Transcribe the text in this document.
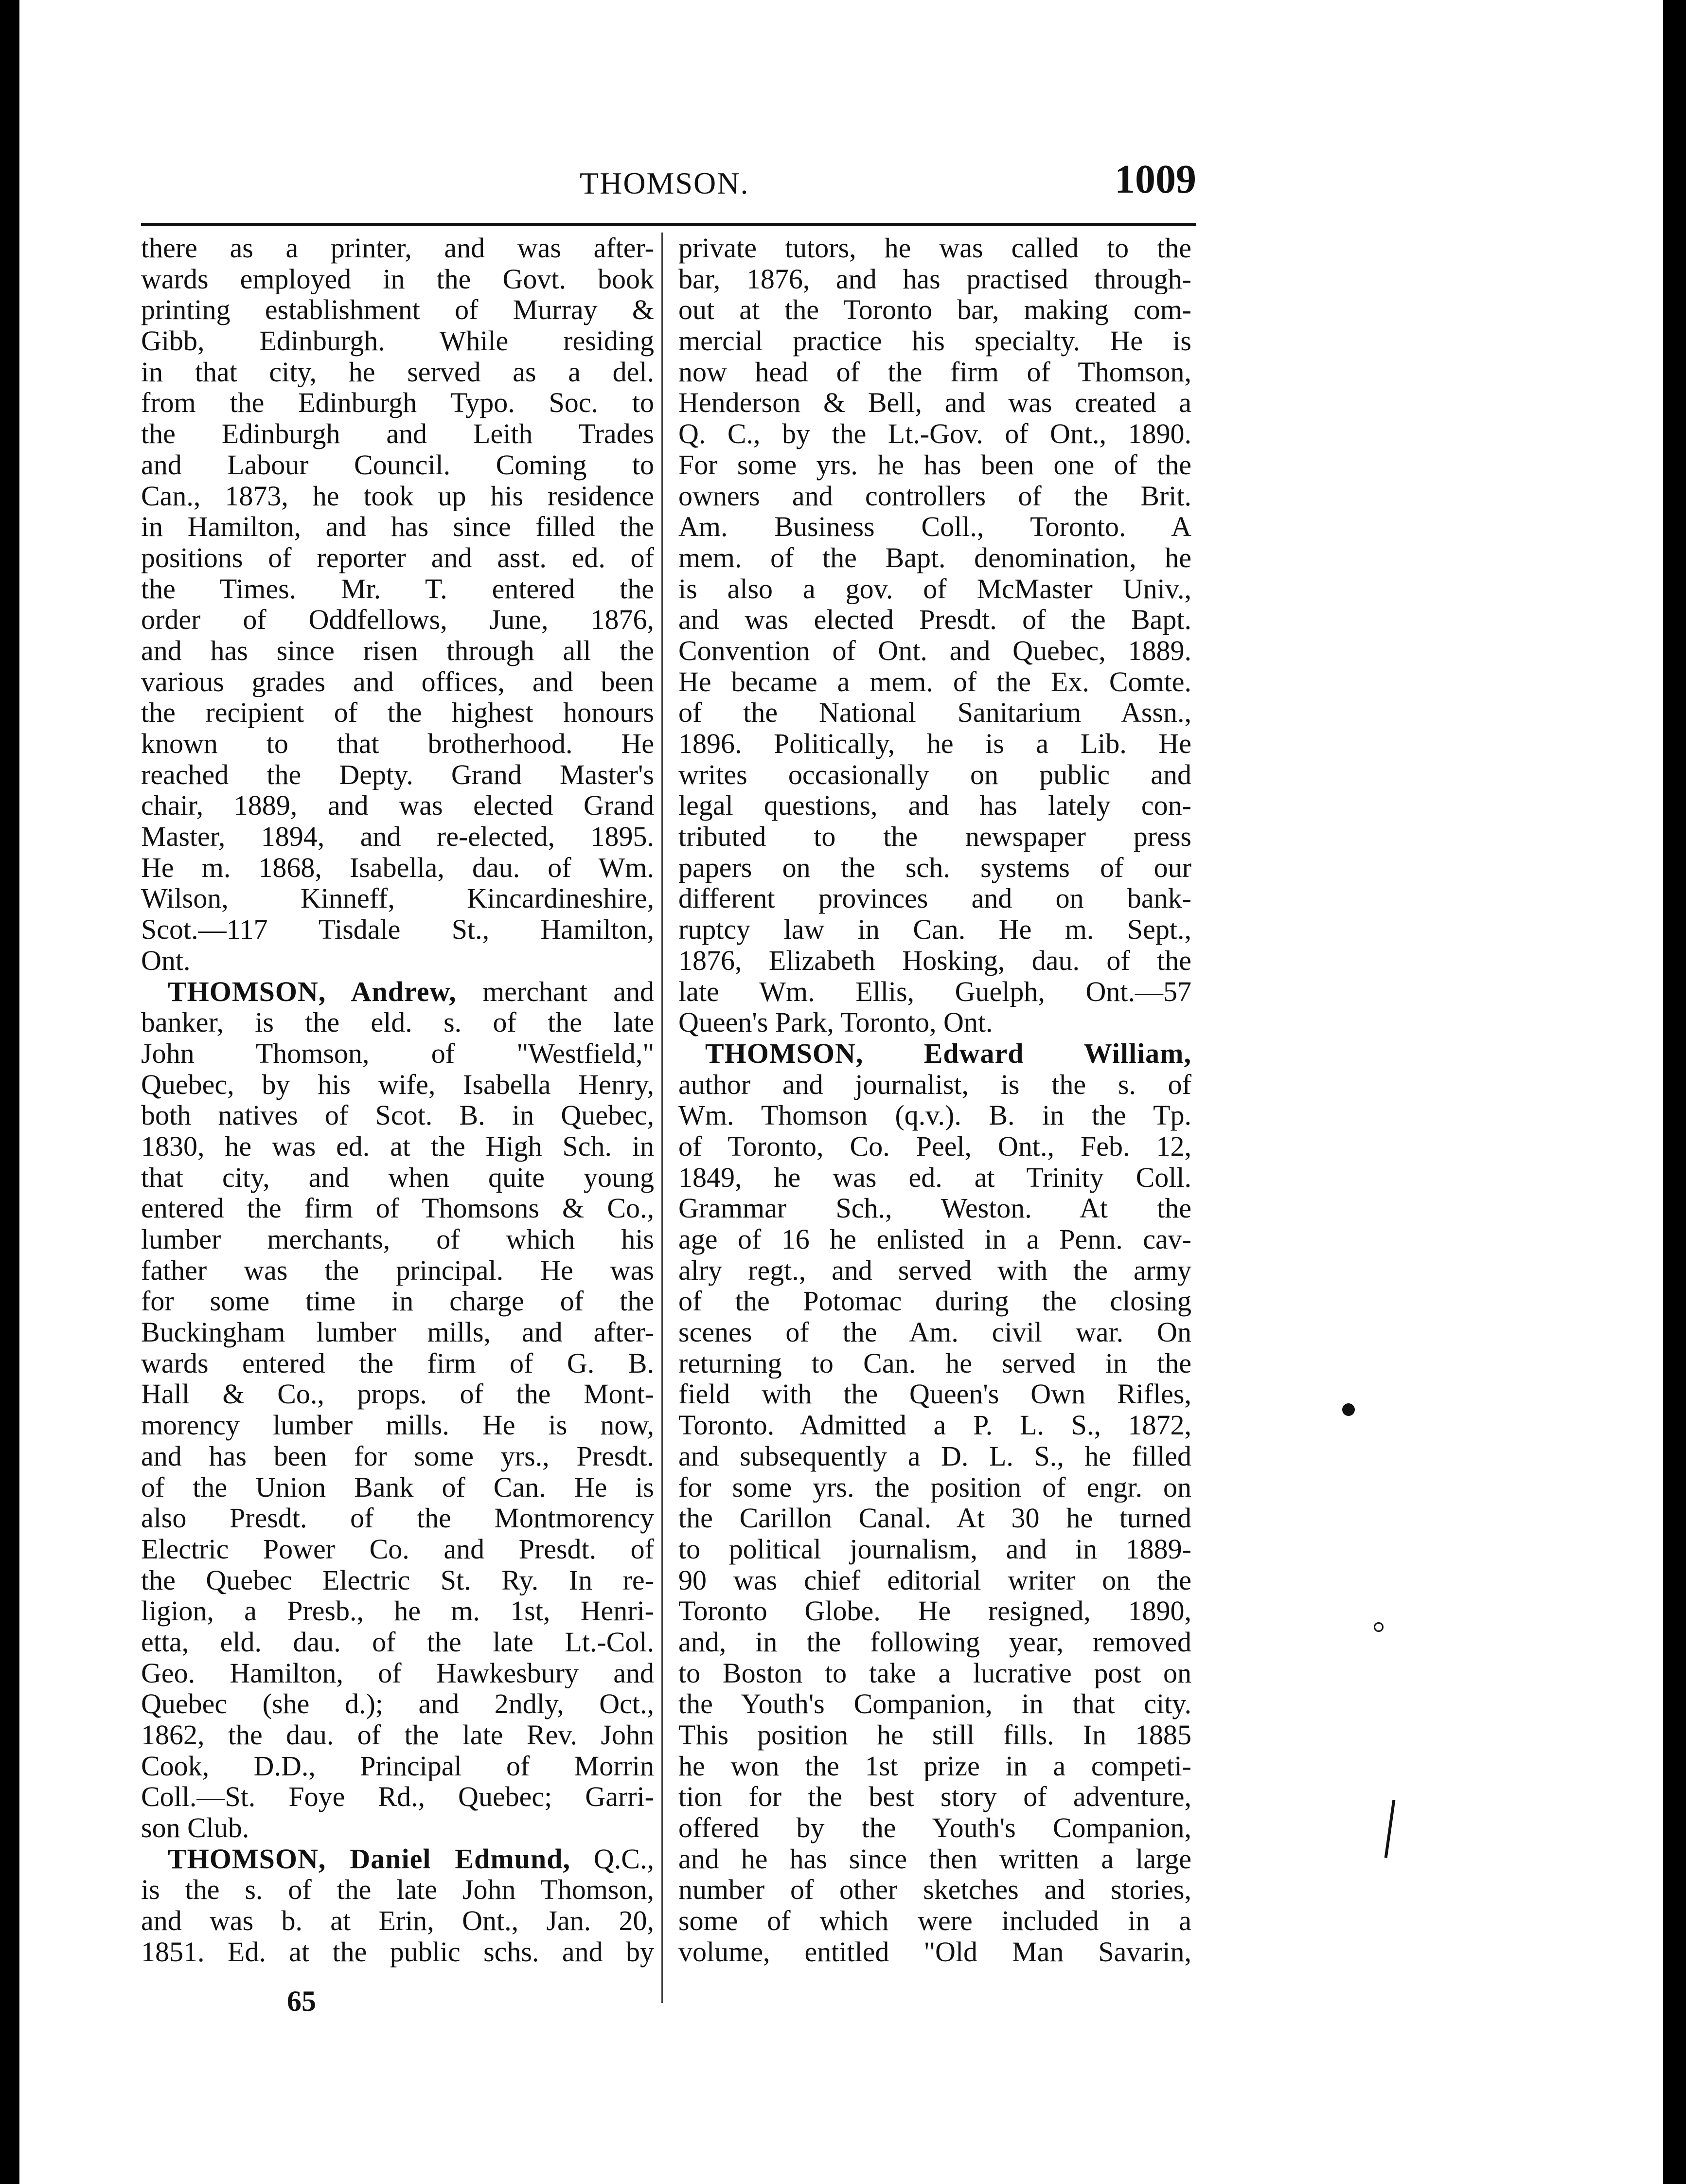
THOMSON.	1009
there as a printer, and was after-
wards employed in the Govt. book
printing establishment of Murray &
Gibb, Edinburgh. While residing
in that city, he served as a del.
from the Edinburgh Typo. Soc. to
the Edinburgh and Leith Trades
and Labour Council. Coming to
Can., 1873, he took up his residence
in Hamilton, and has since filled the
positions of reporter and asst. ed. of
the Times. Mr. T. entered the
order of Oddfellows, June, 1876,
and has since risen through all the
various grades and offices, and been
the recipient of the highest honours
known to that brotherhood. He
reached the Depty. Grand Master's
chair, 1889, and was elected Grand
Master, 1894, and re-elected, 1895.
He m. 1868, Isabella, dau. of Wm.
Wilson, Kinneff, Kincardineshire,
Scot.—117 Tisdale St., Hamilton,
Ont.
THOMSON, Andrew, merchant and
banker, is the eld. s. of the late
John Thomson, of "Westfield,"
Quebec, by his wife, Isabella Henry,
both natives of Scot. B. in Quebec,
1830, he was ed. at the High Sch. in
that city, and when quite young
entered the firm of Thomsons & Co.,
lumber merchants, of which his
father was the principal. He was
for some time in charge of the
Buckingham lumber mills, and after-
wards entered the firm of G. B.
Hall & Co., props. of the Mont-
morency lumber mills. He is now,
and has been for some yrs., Presdt.
of the Union Bank of Can. He is
also Presdt. of the Montmorency
Electric Power Co. and Presdt. of
the Quebec Electric St. Ry. In re-
ligion, a Presb., he m. 1st, Henri-
etta, eld. dau. of the late Lt.-Col.
Geo. Hamilton, of Hawkesbury and
Quebec (she d.); and 2ndly, Oct.,
1862, the dau. of the late Rev. John
Cook, D.D., Principal of Morrin
Coll.—St. Foye Rd., Quebec; Garri-
son Club.
THOMSON, Daniel Edmund, Q.C.,
is the s. of the late John Thomson,
and was b. at Erin, Ont., Jan. 20,
1851. Ed. at the public schs. and by
private tutors, he was called to the
bar, 1876, and has practised through-
out at the Toronto bar, making com-
mercial practice his specialty. He is
now head of the firm of Thomson,
Henderson & Bell, and was created a
Q. C., by the Lt.-Gov. of Ont., 1890.
For some yrs. he has been one of the
owners and controllers of the Brit.
Am. Business Coll., Toronto. A
mem. of the Bapt. denomination, he
is also a gov. of McMaster Univ.,
and was elected Presdt. of the Bapt.
Convention of Ont. and Quebec, 1889.
He became a mem. of the Ex. Comte.
of the National Sanitarium Assn.,
1896. Politically, he is a Lib. He
writes occasionally on public and
legal questions, and has lately con-
tributed to the newspaper press
papers on the sch. systems of our
different provinces and on bank-
ruptcy law in Can. He m. Sept.,
1876, Elizabeth Hosking, dau. of the
late Wm. Ellis, Guelph, Ont.—57
Queen's Park, Toronto, Ont.
THOMSON, Edward William,
author and journalist, is the s. of
Wm. Thomson (q.v.). B. in the Tp.
of Toronto, Co. Peel, Ont., Feb. 12,
1849, he was ed. at Trinity Coll.
Grammar Sch., Weston. At the
age of 16 he enlisted in a Penn. cav-
alry regt., and served with the army
of the Potomac during the closing
scenes of the Am. civil war. On
returning to Can. he served in the
field with the Queen's Own Rifles,
Toronto. Admitted a P. L. S., 1872,
and subsequently a D. L. S., he filled
for some yrs. the position of engr. on
the Carillon Canal. At 30 he turned
to political journalism, and in 1889-
90 was chief editorial writer on the
Toronto Globe. He resigned, 1890,
and, in the following year, removed
to Boston to take a lucrative post on
the Youth's Companion, in that city.
This position he still fills. In 1885
he won the 1st prize in a competi-
tion for the best story of adventure,
offered by the Youth's Companion,
and he has since then written a large
number of other sketches and stories,
some of which were included in a
volume, entitled "Old Man Savarin,
65
